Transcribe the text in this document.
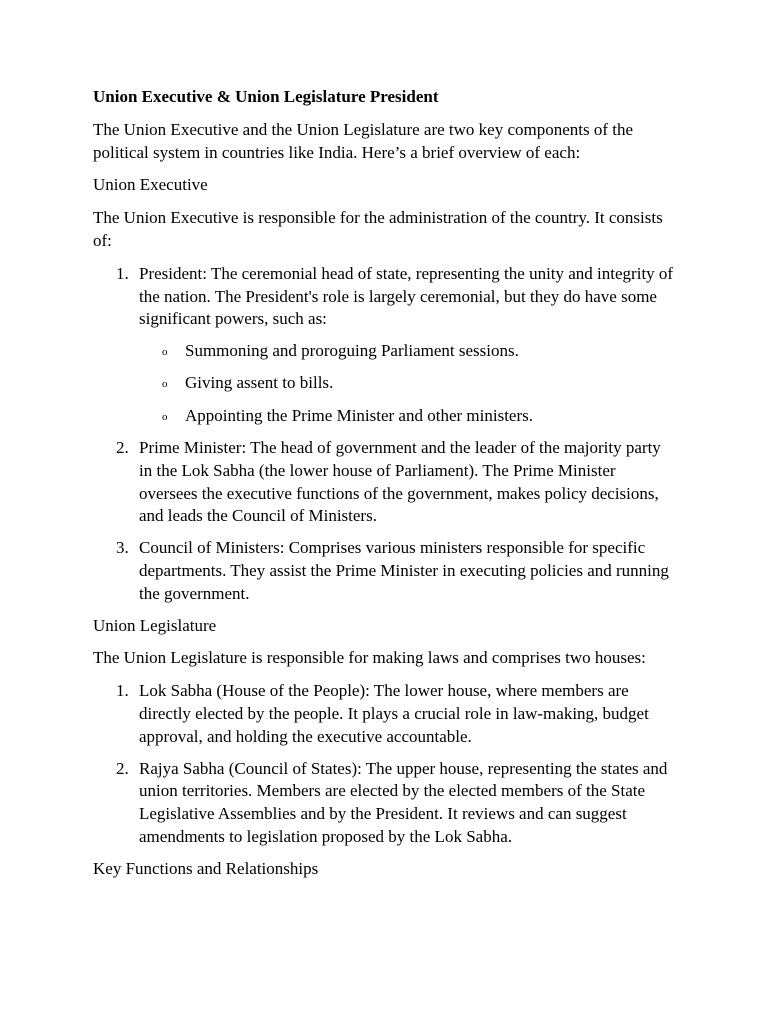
Union Executive & Union Legislature President

The Union Executive and the Union Legislature are two key components of the political system in countries like India. Here’s a brief overview of each:

Union Executive

The Union Executive is responsible for the administration of the country. It consists of:

1. President: The ceremonial head of state, representing the unity and integrity of the nation. The President's role is largely ceremonial, but they do have some significant powers, such as:
o Summoning and proroguing Parliament sessions.
o Giving assent to bills.
o Appointing the Prime Minister and other ministers.
2. Prime Minister: The head of government and the leader of the majority party in the Lok Sabha (the lower house of Parliament). The Prime Minister oversees the executive functions of the government, makes policy decisions, and leads the Council of Ministers.
3. Council of Ministers: Comprises various ministers responsible for specific departments. They assist the Prime Minister in executing policies and running the government.

Union Legislature

The Union Legislature is responsible for making laws and comprises two houses:

1. Lok Sabha (House of the People): The lower house, where members are directly elected by the people. It plays a crucial role in law-making, budget approval, and holding the executive accountable.
2. Rajya Sabha (Council of States): The upper house, representing the states and union territories. Members are elected by the elected members of the State Legislative Assemblies and by the President. It reviews and can suggest amendments to legislation proposed by the Lok Sabha.

Key Functions and Relationships
